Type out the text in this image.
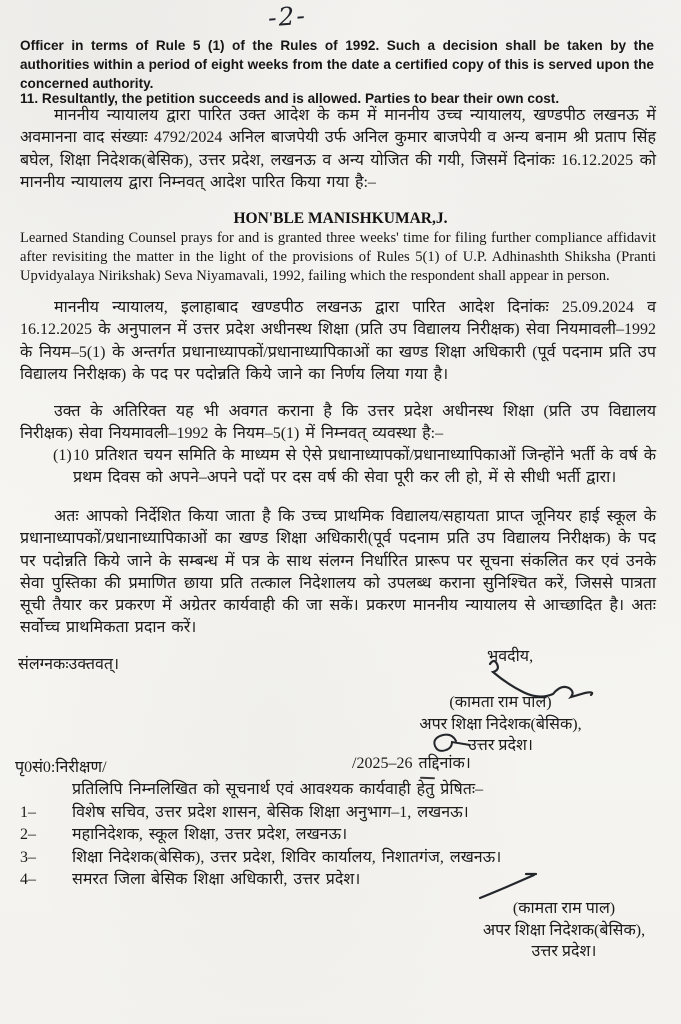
-2-
Officer in terms of Rule 5 (1) of the Rules of 1992. Such a decision shall be taken by the authorities within a period of eight weeks from the date a certified copy of this is served upon the concerned authority.
11. Resultantly, the petition succeeds and is allowed. Parties to bear their own cost.
माननीय न्यायालय द्वारा पारित उक्त आदेश के कम में माननीय उच्च न्यायालय, खण्डपीठ लखनऊ में अवमानना वाद संख्याः 4792/2024 अनिल बाजपेयी उर्फ अनिल कुमार बाजपेयी व अन्य बनाम श्री प्रताप सिंह बघेल, शिक्षा निदेशक(बेसिक), उत्तर प्रदेश, लखनऊ व अन्य योजित की गयी, जिसमें दिनांकः 16.12.2025 को माननीय न्यायालय द्वारा निम्नवत् आदेश पारित किया गया है:–
HON'BLE MANISHKUMAR,J.
Learned Standing Counsel prays for and is granted three weeks' time for filing further compliance affidavit after revisiting the matter in the light of the provisions of Rules 5(1) of U.P. Adhinashth Shiksha (Pranti Upvidyalaya Nirikshak) Seva Niyamavali, 1992, failing which the respondent shall appear in person.
माननीय न्यायालय, इलाहाबाद खण्डपीठ लखनऊ द्वारा पारित आदेश दिनांकः 25.09.2024 व 16.12.2025 के अनुपालन में उत्तर प्रदेश अधीनस्थ शिक्षा (प्रति उप विद्यालय निरीक्षक) सेवा नियमावली–1992 के नियम–5(1) के अन्तर्गत प्रधानाध्यापकों/प्रधानाध्यापिकाओं का खण्ड शिक्षा अधिकारी (पूर्व पदनाम प्रति उप विद्यालय निरीक्षक) के पद पर पदोन्नति किये जाने का निर्णय लिया गया है।
उक्त के अतिरिक्त यह भी अवगत कराना है कि उत्तर प्रदेश अधीनस्थ शिक्षा (प्रति उप विद्यालय निरीक्षक) सेवा नियमावली–1992 के नियम–5(1) में निम्नवत् व्यवस्था है:–
(1) 10 प्रतिशत चयन समिति के माध्यम से ऐसे प्रधानाध्यापकों/प्रधानाध्यापिकाओं जिन्होंने भर्ती के वर्ष के प्रथम दिवस को अपने–अपने पदों पर दस वर्ष की सेवा पूरी कर ली हो, में से सीधी भर्ती द्वारा।
अतः आपको निर्देशित किया जाता है कि उच्च प्राथमिक विद्यालय/सहायता प्राप्त जूनियर हाई स्कूल के प्रधानाध्यापकों/प्रधानाध्यापिकाओं का खण्ड शिक्षा अधिकारी(पूर्व पदनाम प्रति उप विद्यालय निरीक्षक) के पद पर पदोन्नति किये जाने के सम्बन्ध में पत्र के साथ संलग्न निर्धारित प्रारूप पर सूचना संकलित कर एवं उनके सेवा पुस्तिका की प्रमाणित छाया प्रति तत्काल निदेशालय को उपलब्ध कराना सुनिश्चित करें, जिससे पात्रता सूची तैयार कर प्रकरण में अग्रेतर कार्यवाही की जा सकें। प्रकरण माननीय न्यायालय से आच्छादित है। अतः सर्वोच्च प्राथमिकता प्रदान करें।
संलग्नकःउक्तवत्।	भवदीय,
(कामता राम पाल)
अपर शिक्षा निदेशक(बेसिक),
उत्तर प्रदेश।
पृ0सं0:निरीक्षण/	/2025–26 तद्दिनांक।
प्रतिलिपि निम्नलिखित को सूचनार्थ एवं आवश्यक कार्यवाही हेतु प्रेषितः–
1–	विशेष सचिव, उत्तर प्रदेश शासन, बेसिक शिक्षा अनुभाग–1, लखनऊ।
2–	महानिदेशक, स्कूल शिक्षा, उत्तर प्रदेश, लखनऊ।
3–	शिक्षा निदेशक(बेसिक), उत्तर प्रदेश, शिविर कार्यालय, निशातगंज, लखनऊ।
4–	समरत जिला बेसिक शिक्षा अधिकारी, उत्तर प्रदेश।
(कामता राम पाल)
अपर शिक्षा निदेशक(बेसिक),
उत्तर प्रदेश।
